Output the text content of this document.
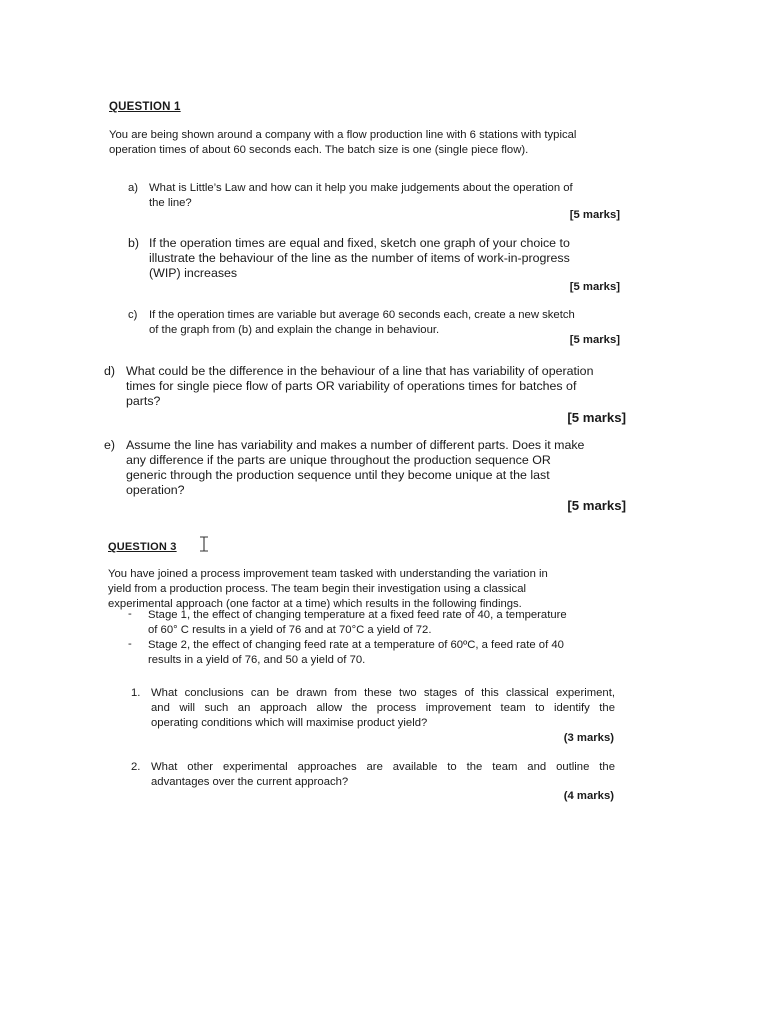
QUESTION 1
You are being shown around a company with a flow production line with 6 stations with typical operation times of about 60 seconds each. The batch size is one (single piece flow).
a) What is Little’s Law and how can it help you make judgements about the operation of
the line?
[5 marks]
b) If the operation times are equal and fixed, sketch one graph of your choice to
illustrate the behaviour of the line as the number of items of work-in-progress
(WIP) increases
[5 marks]
c) If the operation times are variable but average 60 seconds each, create a new sketch
of the graph from (b) and explain the change in behaviour.
[5 marks]
d) What could be the difference in the behaviour of a line that has variability of operation
times for single piece flow of parts OR variability of operations times for batches of
parts?
[5 marks]
e) Assume the line has variability and makes a number of different parts. Does it make
any difference if the parts are unique throughout the production sequence OR
generic through the production sequence until they become unique at the last
operation?
[5 marks]
QUESTION 3
You have joined a process improvement team tasked with understanding the variation in
yield from a production process. The team begin their investigation using a classical
experimental approach (one factor at a time) which results in the following findings.
- Stage 1, the effect of changing temperature at a fixed feed rate of 40, a temperature
of 60° C results in a yield of 76 and at 70°C a yield of 72.
- Stage 2, the effect of changing feed rate at a temperature of 60ºC, a feed rate of 40
results in a yield of 76, and 50 a yield of 70.
1. What conclusions can be drawn from these two stages of this classical experiment,
and will such an approach allow the process improvement team to identify the
operating conditions which will maximise product yield?
(3 marks)
2. What other experimental approaches are available to the team and outline the
advantages over the current approach?
(4 marks)
